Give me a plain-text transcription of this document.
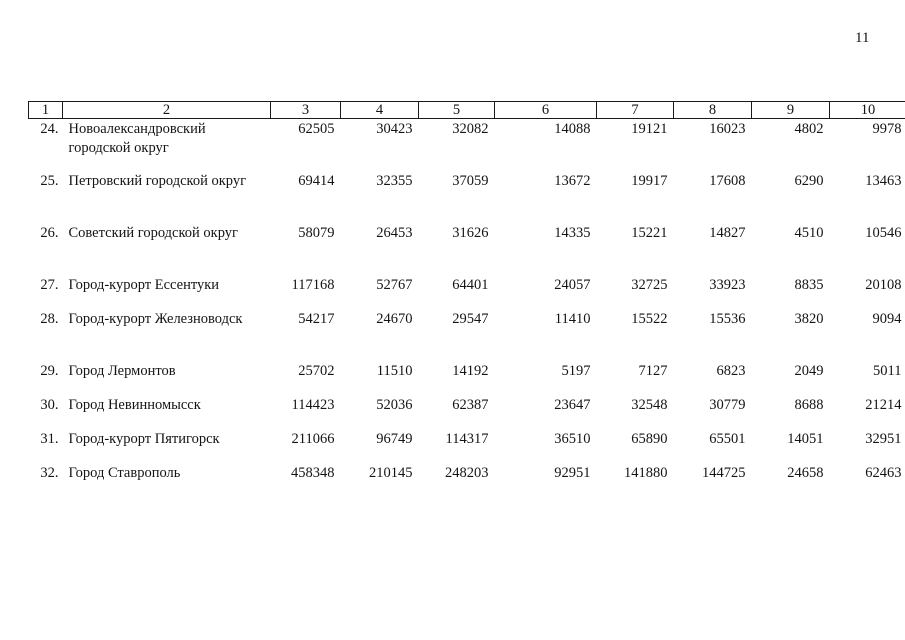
11
1	2	3	4	5	6	7	8	9	10
24.	Новоалександровский городской округ	62505	30423	32082	14088	19121	16023	4802	9978
25.	Петровский городской округ	69414	32355	37059	13672	19917	17608	6290	13463
26.	Советский городской округ	58079	26453	31626	14335	15221	14827	4510	10546
27.	Город-курорт Ессентуки	117168	52767	64401	24057	32725	33923	8835	20108
28.	Город-курорт Железноводск	54217	24670	29547	11410	15522	15536	3820	9094
29.	Город Лермонтов	25702	11510	14192	5197	7127	6823	2049	5011
30.	Город Невинномысск	114423	52036	62387	23647	32548	30779	8688	21214
31.	Город-курорт Пятигорск	211066	96749	114317	36510	65890	65501	14051	32951
32.	Город Ставрополь	458348	210145	248203	92951	141880	144725	24658	62463
